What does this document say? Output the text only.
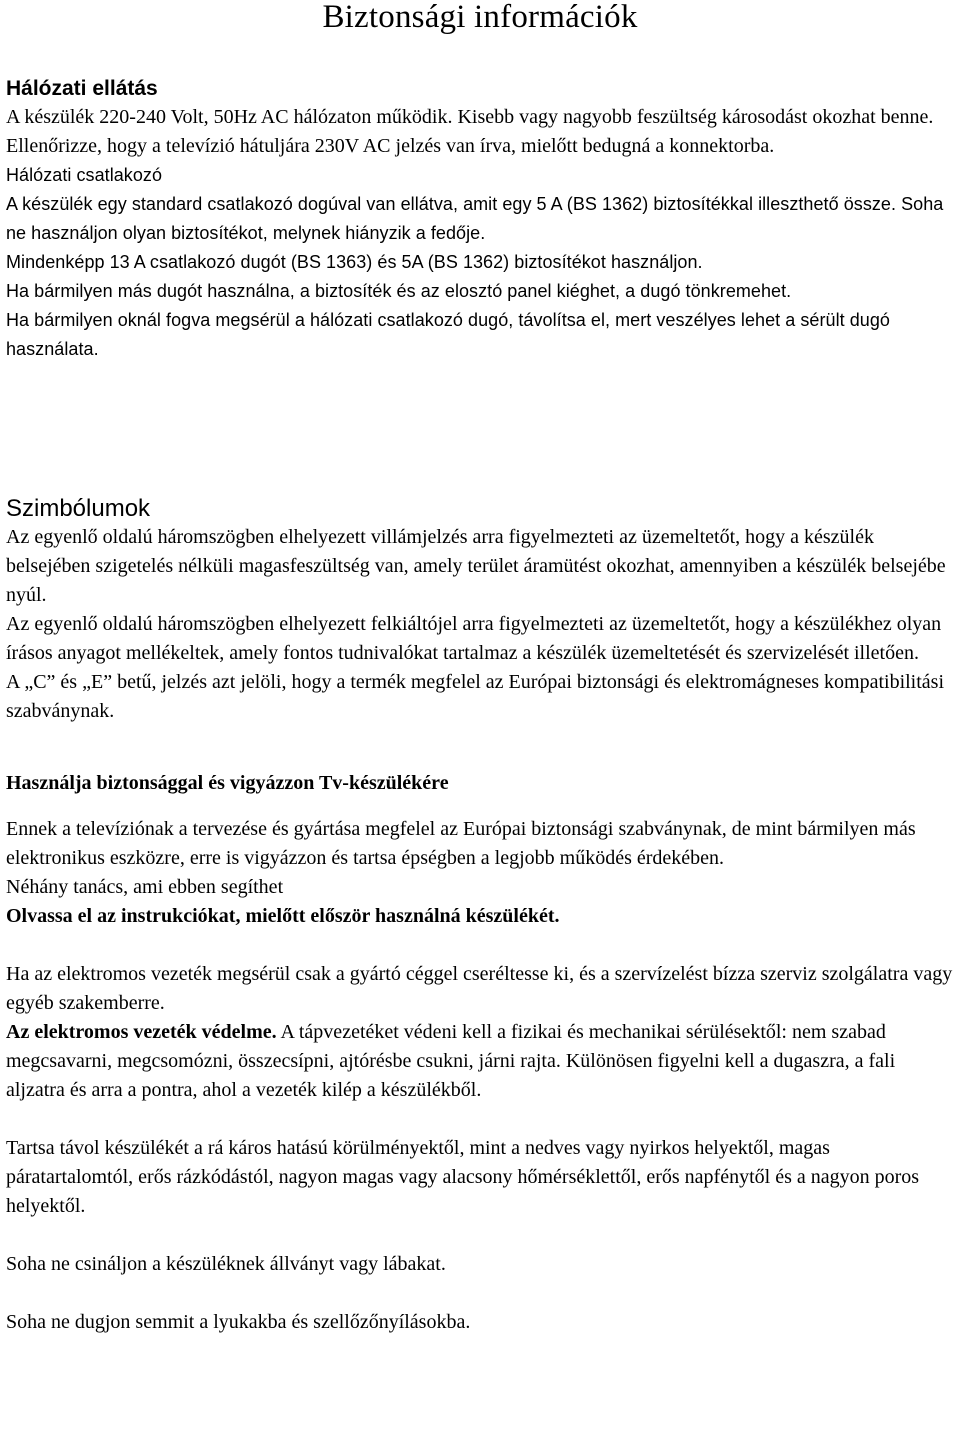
Biztonsági információk
Hálózati ellátás

A készülék 220-240 Volt, 50Hz AC hálózaton működik. Kisebb vagy nagyobb feszültség károsodást okozhat benne. Ellenőrizze, hogy a televízió hátuljára 230V AC jelzés van írva, mielőtt bedugná a konnektorba.

Hálózati csatlakozó

A készülék egy standard csatlakozó dogúval van ellátva, amit egy 5 A (BS 1362) biztosítékkal illeszthető össze. Soha ne használjon olyan biztosítékot, melynek hiányzik a fedője.

Mindenképp 13 A csatlakozó dugót (BS 1363) és 5A (BS 1362) biztosítékot használjon.

Ha bármilyen más dugót használna, a biztosíték és az elosztó panel kiéghet, a dugó tönkremehet.

Ha bármilyen oknál fogva megsérül a hálózati csatlakozó dugó, távolítsa el, mert veszélyes lehet a sérült dugó használata.

Szimbólumok

Az egyenlő oldalú háromszögben elhelyezett villámjelzés arra figyelmezteti az üzemeltetőt, hogy a készülék belsejében szigetelés nélküli magasfeszültség van, amely terület áramütést okozhat, amennyiben a készülék belsejébe nyúl.

Az egyenlő oldalú háromszögben elhelyezett felkiáltójel arra figyelmezteti az üzemeltetőt, hogy a készülékhez olyan írásos anyagot mellékeltek, amely fontos tudnivalókat tartalmaz a készülék üzemeltetését és szervizelését illetően.

A „C” és „E” betű, jelzés azt jelöli, hogy a termék megfelel az Európai biztonsági és elektromágneses kompatibilitási szabványnak.

Használja biztonsággal és vigyázzon Tv-készülékére

Ennek a televíziónak a tervezése és gyártása megfelel az Európai biztonsági szabványnak, de mint bármilyen más elektronikus eszközre, erre is vigyázzon és tartsa épségben a legjobb működés érdekében.

Néhány tanács, ami ebben segíthet

Olvassa el az instrukciókat, mielőtt először használná készülékét.

Ha az elektromos vezeték megsérül csak a gyártó céggel cseréltesse ki, és a szervízelést bízza szerviz szolgálatra vagy egyéb szakemberre.

Az elektromos vezeték védelme. A tápvezetéket védeni kell a fizikai és mechanikai sérülésektől: nem szabad megcsavarni, megcsomózni, összecsípni, ajtórésbe csukni, járni rajta. Különösen figyelni kell a dugaszra, a fali aljzatra és arra a pontra, ahol a vezeték kilép a készülékből.

Tartsa távol készülékét a rá káros hatású körülményektől, mint a nedves vagy nyirkos helyektől, magas páratartalomtól, erős rázkódástól, nagyon magas vagy alacsony hőmérséklettől, erős napfénytől és a nagyon poros helyektől.

Soha ne csináljon a készüléknek állványt vagy lábakat.

Soha ne dugjon semmit a lyukakba és szellőzőnyílásokba.
